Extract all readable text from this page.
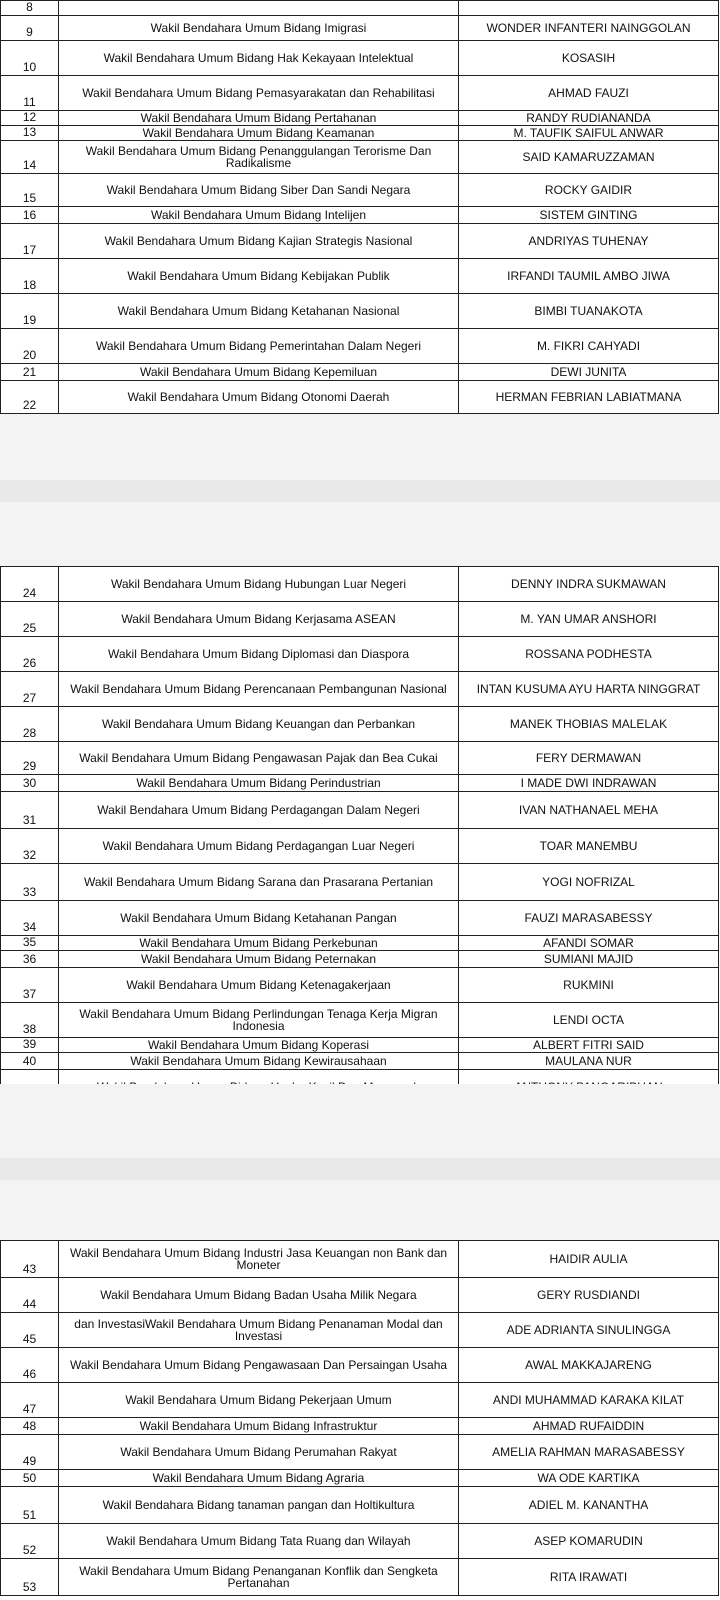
8		
9	Wakil Bendahara Umum Bidang Imigrasi	WONDER INFANTERI NAINGGOLAN
10	Wakil Bendahara Umum Bidang Hak Kekayaan Intelektual	KOSASIH
11	Wakil Bendahara Umum Bidang Pemasyarakatan dan Rehabilitasi	AHMAD FAUZI
12	Wakil Bendahara Umum Bidang Pertahanan	RANDY RUDIANANDA
13	Wakil Bendahara Umum Bidang Keamanan	M. TAUFIK SAIFUL ANWAR
14	Wakil Bendahara Umum Bidang Penanggulangan Terorisme Dan Radikalisme	SAID KAMARUZZAMAN
15	Wakil Bendahara Umum Bidang Siber Dan Sandi Negara	ROCKY GAIDIR
16	Wakil Bendahara Umum Bidang Intelijen	SISTEM GINTING
17	Wakil Bendahara Umum Bidang Kajian Strategis Nasional	ANDRIYAS TUHENAY
18	Wakil Bendahara Umum Bidang Kebijakan Publik	IRFANDI TAUMIL AMBO JIWA
19	Wakil Bendahara Umum Bidang Ketahanan Nasional	BIMBI TUANAKOTA
20	Wakil Bendahara Umum Bidang Pemerintahan Dalam Negeri	M. FIKRI CAHYADI
21	Wakil Bendahara Umum Bidang Kepemiluan	DEWI JUNITA
22	Wakil Bendahara Umum Bidang Otonomi Daerah	HERMAN FEBRIAN LABIATMANA

24	Wakil Bendahara Umum Bidang Hubungan Luar Negeri	DENNY INDRA SUKMAWAN
25	Wakil Bendahara Umum Bidang Kerjasama ASEAN	M. YAN UMAR ANSHORI
26	Wakil Bendahara Umum Bidang Diplomasi dan Diaspora	ROSSANA PODHESTA
27	Wakil Bendahara Umum Bidang Perencanaan Pembangunan Nasional	INTAN KUSUMA AYU HARTA NINGGRAT
28	Wakil Bendahara Umum Bidang Keuangan dan Perbankan	MANEK THOBIAS MALELAK
29	Wakil Bendahara Umum Bidang Pengawasan Pajak dan Bea Cukai	FERY DERMAWAN
30	Wakil Bendahara Umum Bidang Perindustrian	I MADE DWI INDRAWAN
31	Wakil Bendahara Umum Bidang Perdagangan Dalam Negeri	IVAN NATHANAEL MEHA
32	Wakil Bendahara Umum Bidang Perdagangan Luar Negeri	TOAR MANEMBU
33	Wakil Bendahara Umum Bidang Sarana dan Prasarana Pertanian	YOGI NOFRIZAL
34	Wakil Bendahara Umum Bidang Ketahanan Pangan	FAUZI MARASABESSY
35	Wakil Bendahara Umum Bidang Perkebunan	AFANDI SOMAR
36	Wakil Bendahara Umum Bidang Peternakan	SUMIANI MAJID
37	Wakil Bendahara Umum Bidang Ketenagakerjaan	RUKMINI
38	Wakil Bendahara Umum Bidang Perlindungan Tenaga Kerja Migran Indonesia	LENDI OCTA
39	Wakil Bendahara Umum Bidang Koperasi	ALBERT FITRI SAID
40	Wakil Bendahara Umum Bidang Kewirausahaan	MAULANA NUR

43	Wakil Bendahara Umum Bidang Industri Jasa Keuangan non Bank dan Moneter	HAIDIR AULIA
44	Wakil Bendahara Umum Bidang Badan Usaha Milik Negara	GERY RUSDIANDI
45	dan InvestasiWakil Bendahara Umum Bidang Penanaman Modal dan Investasi	ADE ADRIANTA SINULINGGA
46	Wakil Bendahara Umum Bidang Pengawasaan Dan Persaingan Usaha	AWAL MAKKAJARENG
47	Wakil Bendahara Umum Bidang Pekerjaan Umum	ANDI MUHAMMAD KARAKA KILAT
48	Wakil Bendahara Umum Bidang Infrastruktur	AHMAD RUFAIDDIN
49	Wakil Bendahara Umum Bidang Perumahan Rakyat	AMELIA RAHMAN MARASABESSY
50	Wakil Bendahara Umum Bidang Agraria	WA ODE KARTIKA
51	Wakil Bendahara Bidang tanaman pangan dan Holtikultura	ADIEL M. KANANTHA
52	Wakil Bendahara Umum Bidang Tata Ruang dan Wilayah	ASEP KOMARUDIN
53	Wakil Bendahara Umum Bidang Penanganan Konflik dan Sengketa Pertanahan	RITA IRAWATI
